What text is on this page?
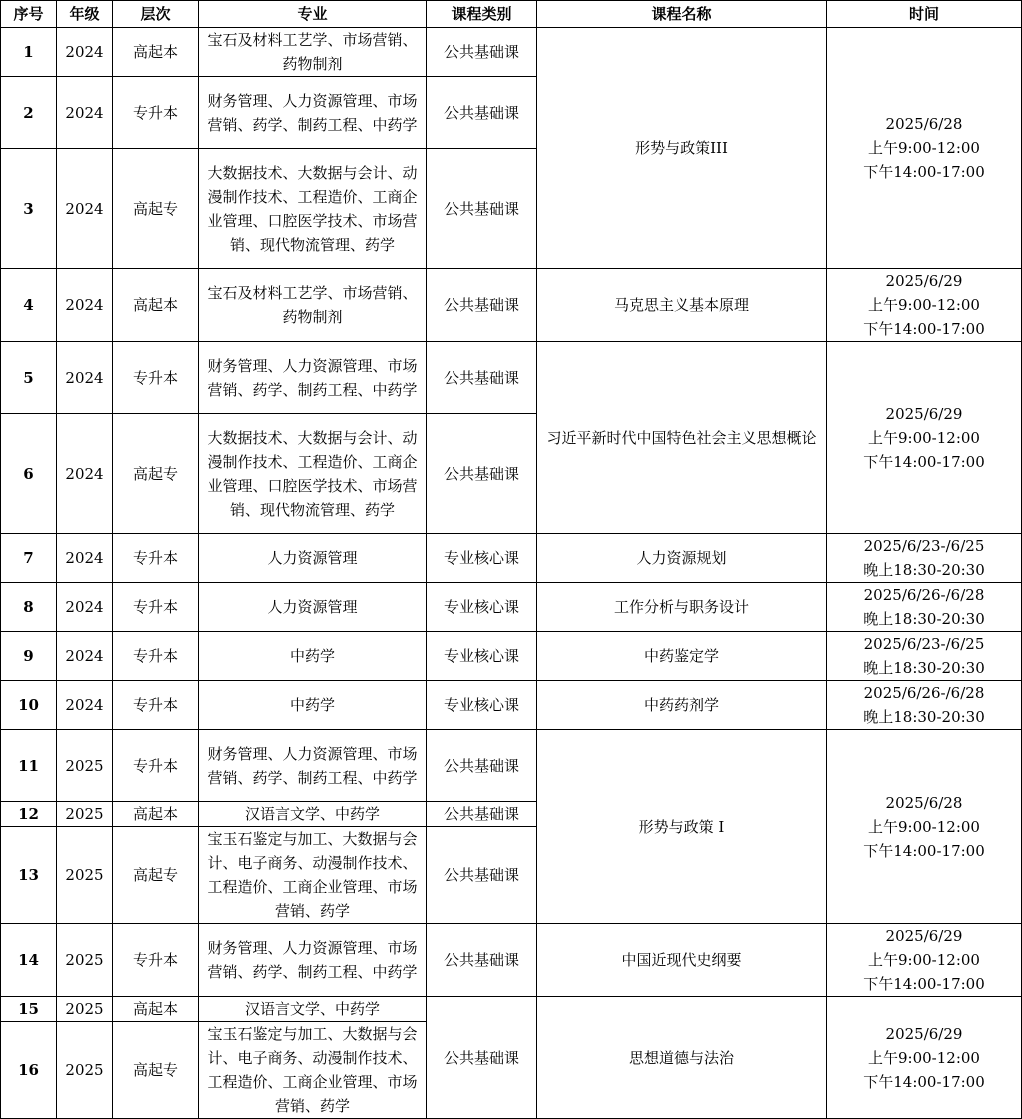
序号	年级	层次	专业	课程类别	课程名称	时间
1	2024	高起本	宝石及材料工艺学、市场营销、药物制剂	公共基础课	形势与政策III	2025/6/28
上午9:00-12:00
下午14:00-17:00

2	2024	专升本	财务管理、人力资源管理、市场营销、药学、制药工程、中药学	公共基础课		
3	2024	高起专	大数据技术、大数据与会计、动漫制作技术、工程造价、工商企业管理、口腔医学技术、市场营销、现代物流管理、药学	公共基础课		
4	2024	高起本	宝石及材料工艺学、市场营销、药物制剂	公共基础课	马克思主义基本原理	2025/6/29
上午9:00-12:00
下午14:00-17:00

5	2024	专升本	财务管理、人力资源管理、市场营销、药学、制药工程、中药学	公共基础课	习近平新时代中国特色社会主义思想概论	2025/6/29
上午9:00-12:00
下午14:00-17:00

6	2024	高起专	大数据技术、大数据与会计、动漫制作技术、工程造价、工商企业管理、口腔医学技术、市场营销、现代物流管理、药学	公共基础课		
7	2024	专升本	人力资源管理	专业核心课	人力资源规划	2025/6/23-/6/25
晚上18:30-20:30

8	2024	专升本	人力资源管理	专业核心课	工作分析与职务设计	2025/6/26-/6/28
晚上18:30-20:30

9	2024	专升本	中药学	专业核心课	中药鉴定学	2025/6/23-/6/25
晚上18:30-20:30

10	2024	专升本	中药学	专业核心课	中药药剂学	2025/6/26-/6/28
晚上18:30-20:30

11	2025	专升本	财务管理、人力资源管理、市场营销、药学、制药工程、中药学	公共基础课	形势与政策 I	2025/6/28
上午9:00-12:00
下午14:00-17:00

12	2025	高起本	汉语言文学、中药学	公共基础课		
13	2025	高起专	宝玉石鉴定与加工、大数据与会计、电子商务、动漫制作技术、工程造价、工商企业管理、市场营销、药学	公共基础课		
14	2025	专升本	财务管理、人力资源管理、市场营销、药学、制药工程、中药学	公共基础课	中国近现代史纲要	2025/6/29
上午9:00-12:00
下午14:00-17:00

15	2025	高起本	汉语言文学、中药学	公共基础课	思想道德与法治	2025/6/29
上午9:00-12:00
下午14:00-17:00

16	2025	高起专	宝玉石鉴定与加工、大数据与会计、电子商务、动漫制作技术、工程造价、工商企业管理、市场营销、药学			
